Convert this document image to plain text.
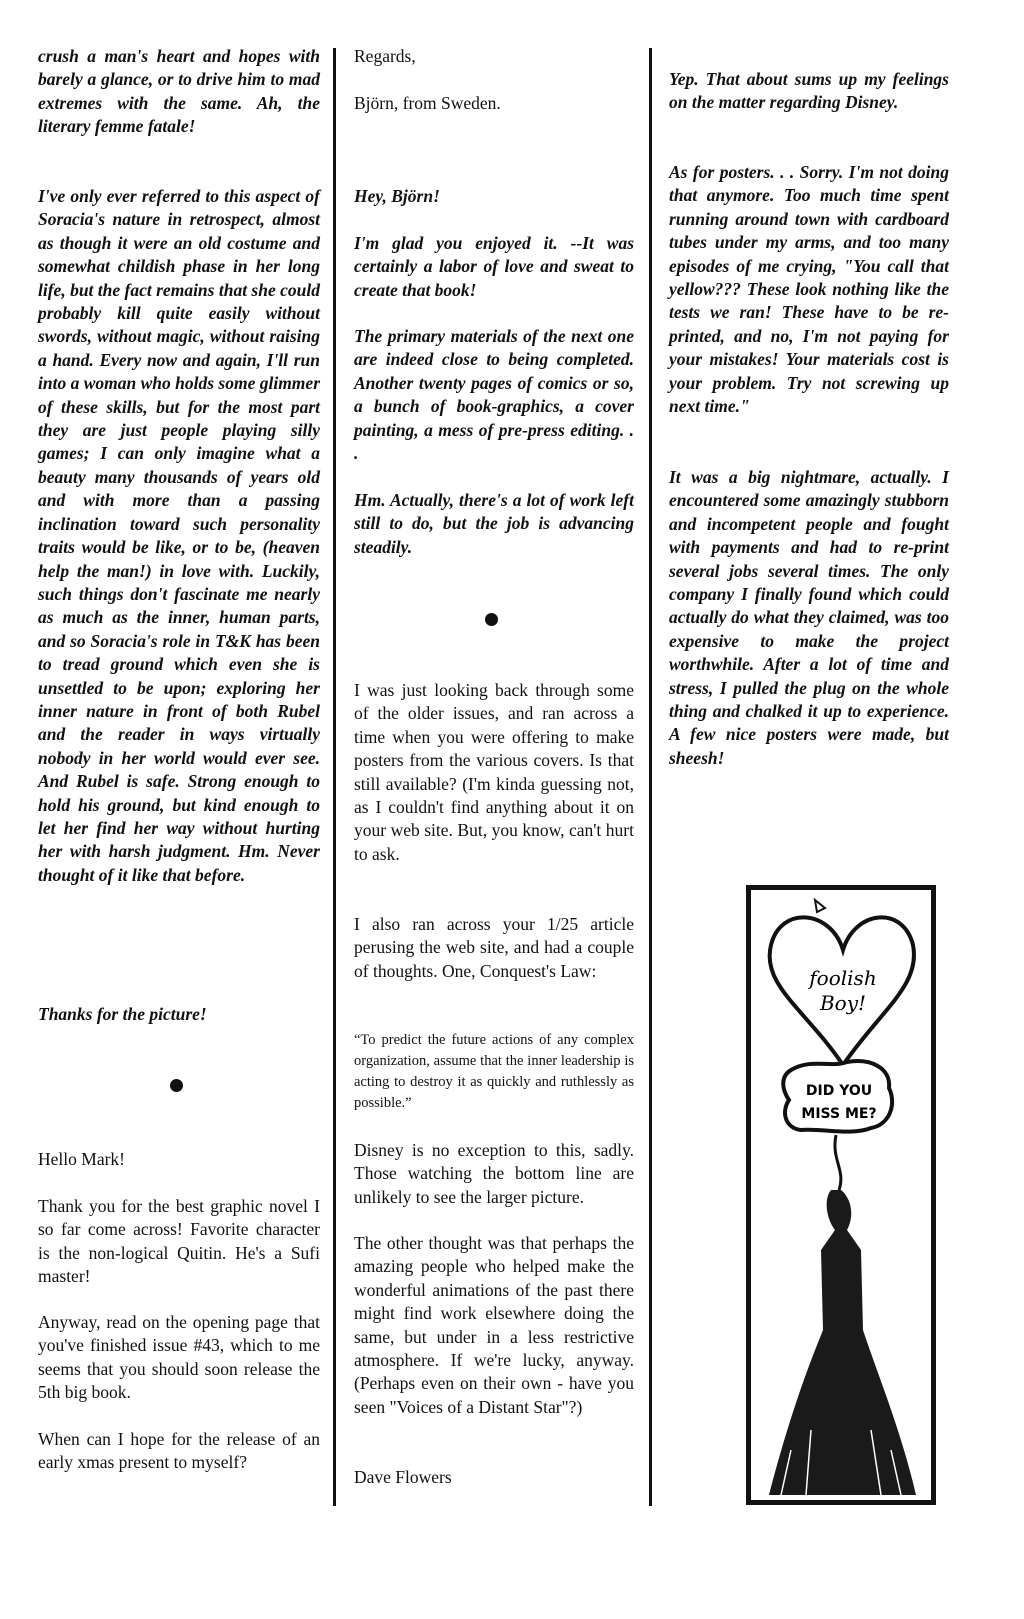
crush a man's heart and hopes with barely a glance, or to drive him to mad extremes with the same. Ah, the literary femme fatale!

I've only ever referred to this aspect of Soracia's nature in retrospect, almost as though it were an old costume and somewhat childish phase in her long life, but the fact remains that she could probably kill quite easily without swords, without magic, without raising a hand. Every now and again, I'll run into a woman who holds some glimmer of these skills, but for the most part they are just people playing silly games; I can only imagine what a beauty many thousands of years old and with more than a passing inclination toward such personality traits would be like, or to be, (heaven help the man!) in love with. Luckily, such things don't fascinate me nearly as much as the inner, human parts, and so Soracia's role in T&K has been to tread ground which even she is unsettled to be upon; exploring her inner nature in front of both Rubel and the reader in ways virtually nobody in her world would ever see. And Rubel is safe. Strong enough to hold his ground, but kind enough to let her find her way without hurting her with harsh judgment. Hm. Never thought of it like that before.

Thanks for the picture!

Hello Mark!

Thank you for the best graphic novel I so far come across! Favorite character is the non-logical Quitin. He's a Sufi master!

Anyway, read on the opening page that you've finished issue #43, which to me seems that you should soon release the 5th big book.

When can I hope for the release of an early xmas present to myself?

Regards,

Björn, from Sweden.

Hey, Björn!

I'm glad you enjoyed it. --It was certainly a labor of love and sweat to create that book!

The primary materials of the next one are indeed close to being completed. Another twenty pages of comics or so, a bunch of book-graphics, a cover painting, a mess of pre-press editing. . .

Hm. Actually, there's a lot of work left still to do, but the job is advancing steadily.

I was just looking back through some of the older issues, and ran across a time when you were offering to make posters from the various covers. Is that still available? (I'm kinda guessing not, as I couldn't find anything about it on your web site. But, you know, can't hurt to ask.

I also ran across your 1/25 article perusing the web site, and had a couple of thoughts. One, Conquest's Law:

“To predict the future actions of any complex organization, assume that the inner leadership is acting to destroy it as quickly and ruthlessly as possible.”

Disney is no exception to this, sadly. Those watching the bottom line are unlikely to see the larger picture.

The other thought was that perhaps the amazing people who helped make the wonderful animations of the past there might find work elsewhere doing the same, but under in a less restrictive atmosphere. If we're lucky, anyway. (Perhaps even on their own - have you seen "Voices of a Distant Star"?)

Dave Flowers

Yep. That about sums up my feelings on the matter regarding Disney.

As for posters. . . Sorry. I'm not doing that anymore. Too much time spent running around town with cardboard tubes under my arms, and too many episodes of me crying, "You call that yellow??? These look nothing like the tests we ran! These have to be re-printed, and no, I'm not paying for your mistakes! Your materials cost is your problem. Try not screwing up next time."

It was a big nightmare, actually. I encountered some amazingly stubborn and incompetent people and fought with payments and had to re-print several jobs several times. The only company I finally found which could actually do what they claimed, was too expensive to make the project worthwhile. After a lot of time and stress, I pulled the plug on the whole thing and chalked it up to experience. A few nice posters were made, but sheesh!

foolish
Boy!
DID YOU
MISS ME?
